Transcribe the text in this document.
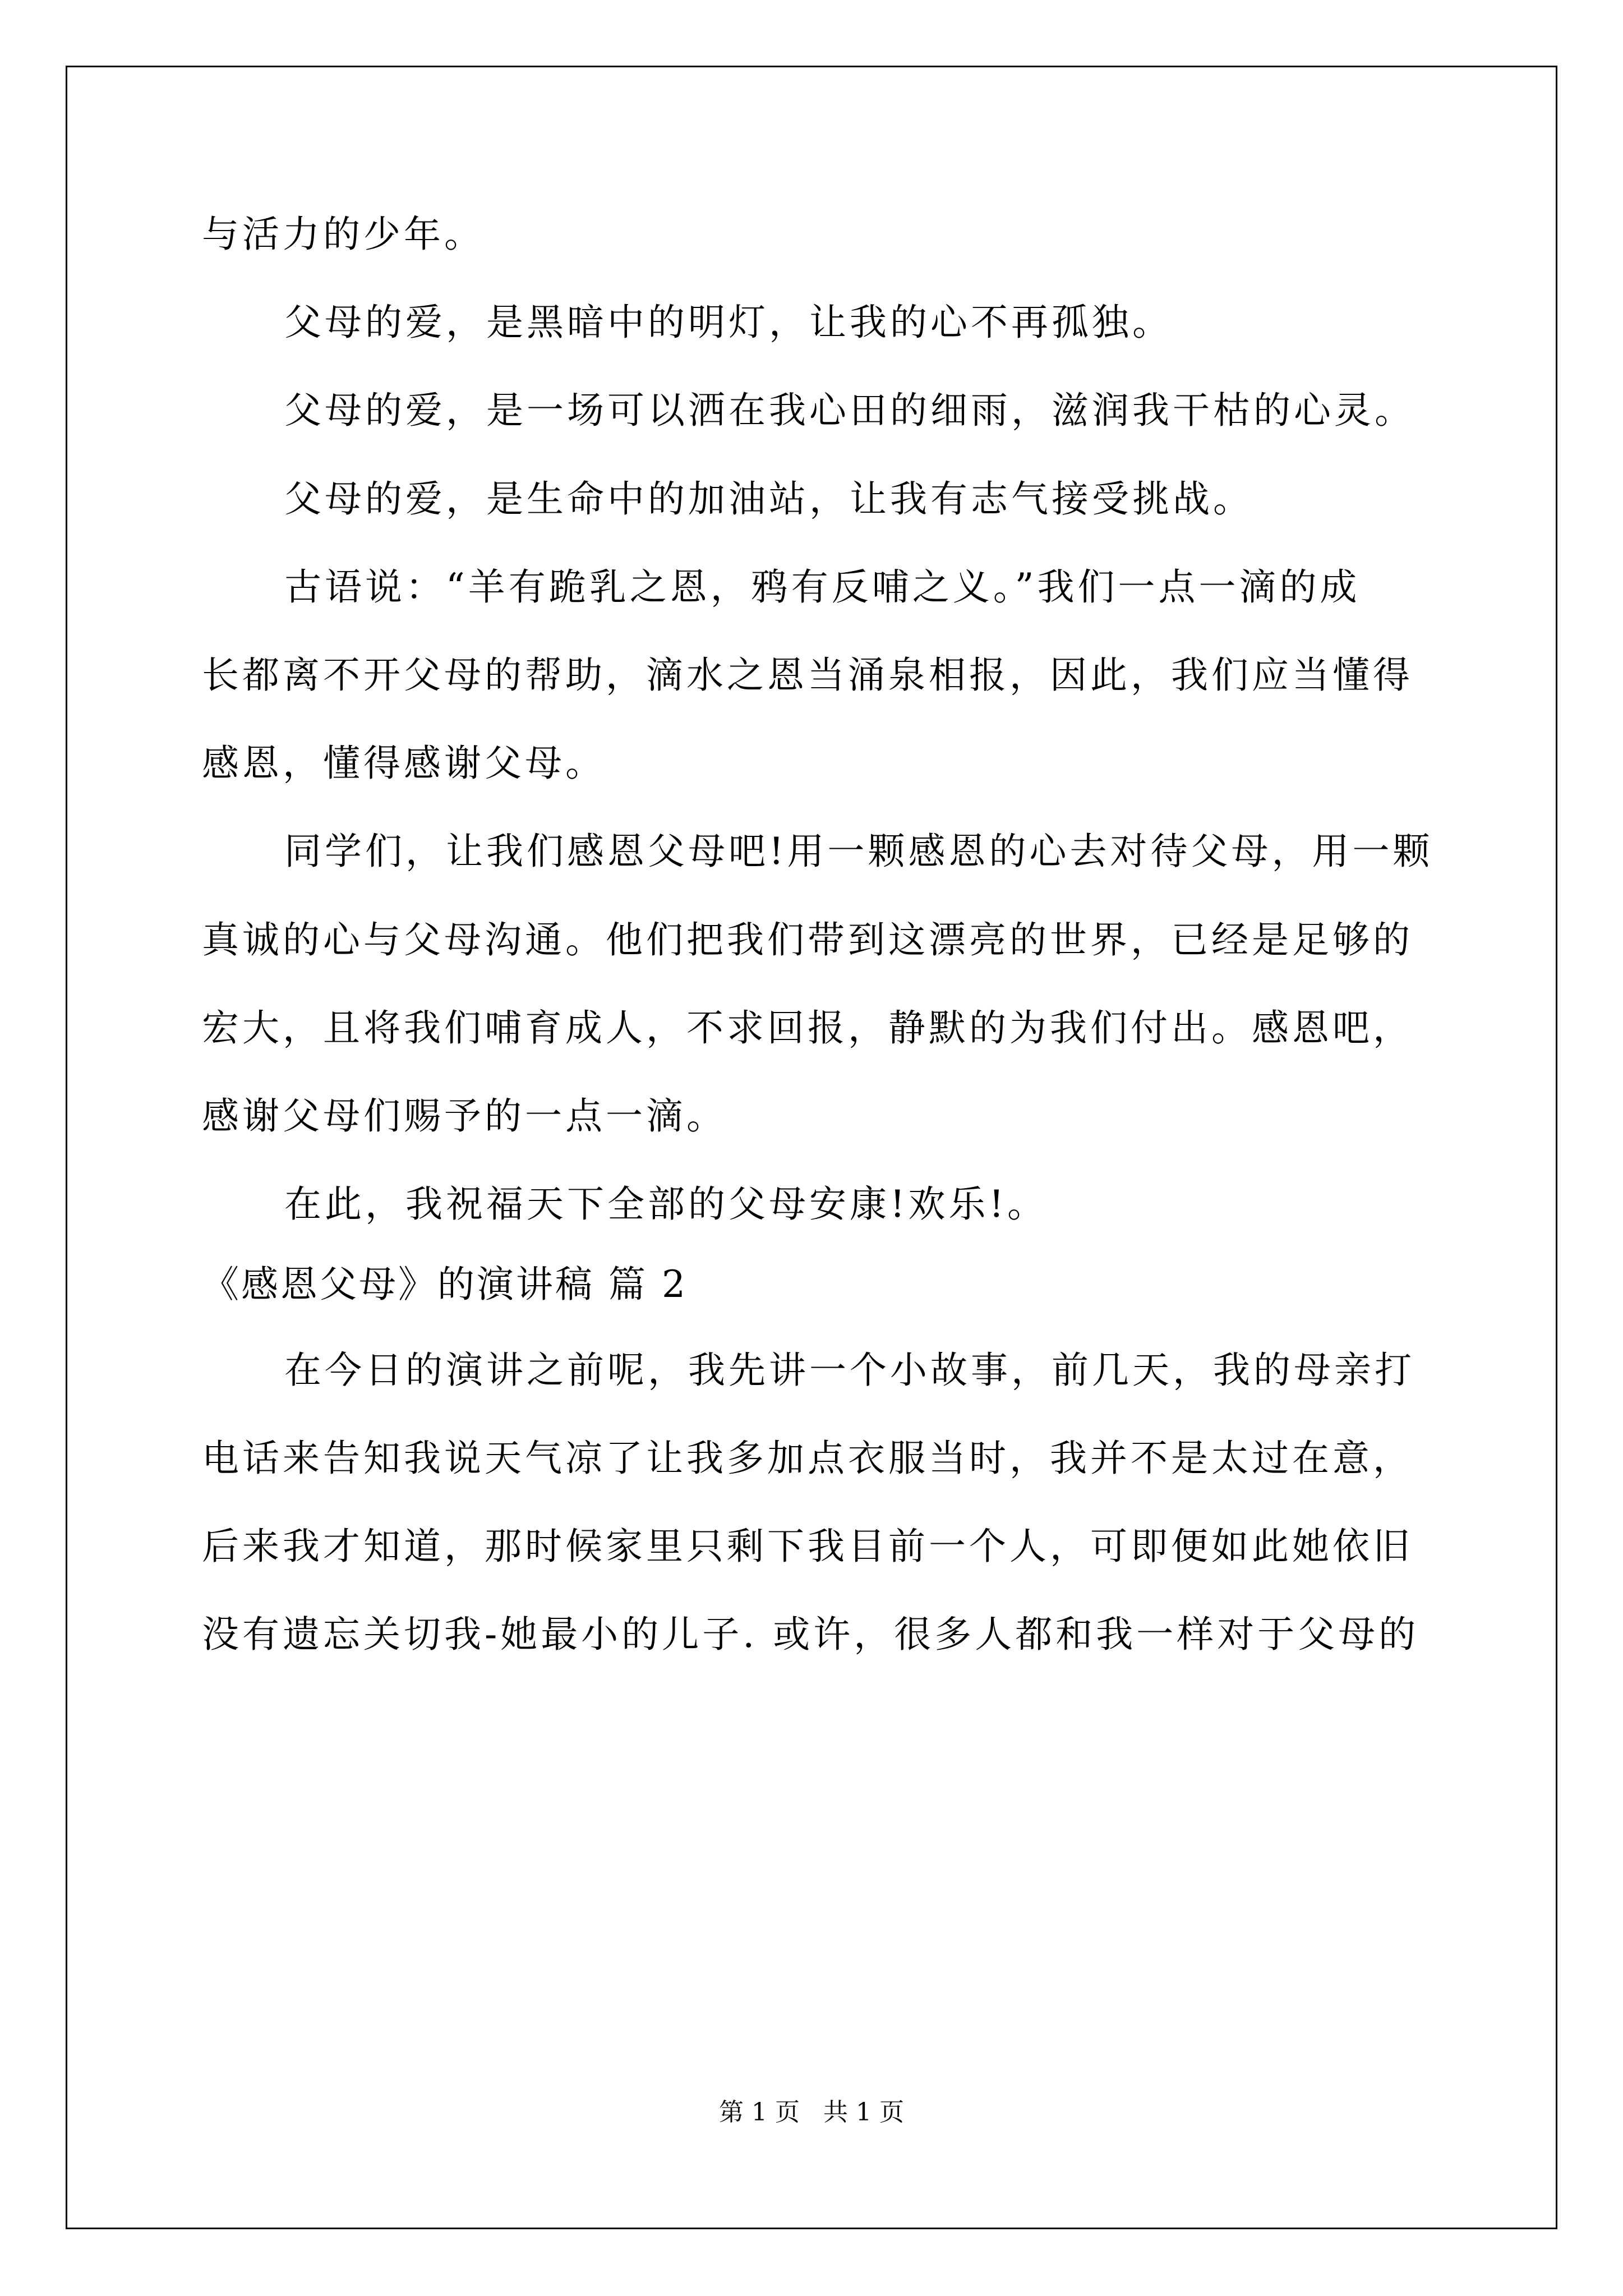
与活力的少年。
父母的爱，是黑暗中的明灯，让我的心不再孤独。
父母的爱，是一场可以洒在我心田的细雨，滋润我干枯的心灵。
父母的爱，是生命中的加油站，让我有志气接受挑战。
古语说：“羊有跪乳之恩，鸦有反哺之义。”我们一点一滴的成
长都离不开父母的帮助，滴水之恩当涌泉相报，因此，我们应当懂得
感恩，懂得感谢父母。
同学们，让我们感恩父母吧!用一颗感恩的心去对待父母，用一颗
真诚的心与父母沟通。他们把我们带到这漂亮的世界，已经是足够的
宏大，且将我们哺育成人，不求回报，静默的为我们付出。感恩吧，
感谢父母们赐予的一点一滴。
在此，我祝福天下全部的父母安康!欢乐!。
《感恩父母》的演讲稿 篇 2
在今日的演讲之前呢，我先讲一个小故事，前几天，我的母亲打
电话来告知我说天气凉了让我多加点衣服当时，我并不是太过在意，
后来我才知道，那时候家里只剩下我目前一个人，可即便如此她依旧
没有遗忘关切我-她最小的儿子. 或许，很多人都和我一样对于父母的
第 1 页   共 1 页
